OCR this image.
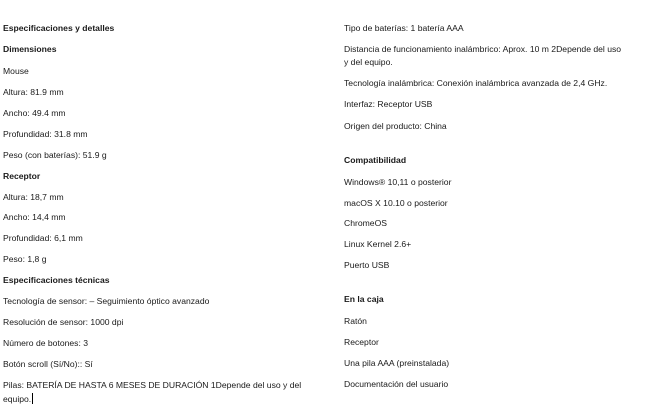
Especificaciones y detalles
Dimensiones
Mouse
Altura: 81.9 mm
Ancho: 49.4 mm
Profundidad: 31.8 mm
Peso (con baterías): 51.9 g
Receptor
Altura: 18,7 mm
Ancho: 14,4 mm
Profundidad: 6,1 mm
Peso: 1,8 g
Especificaciones técnicas
Tecnología de sensor: – Seguimiento óptico avanzado
Resolución de sensor: 1000 dpi
Número de botones: 3
Botón scroll (Sí/No):: Sí
Pilas: BATERÍA DE HASTA 6 MESES DE DURACIÓN 1Depende del uso y del
equipo.
Tipo de baterías: 1 batería AAA
Distancia de funcionamiento inalámbrico: Aprox. 10 m 2Depende del uso
y del equipo.
Tecnología inalámbrica: Conexión inalámbrica avanzada de 2,4 GHz.
Interfaz: Receptor USB
Origen del producto: China
Compatibilidad
Windows® 10,11 o posterior
macOS X 10.10 o posterior
ChromeOS
Linux Kernel 2.6+
Puerto USB
En la caja
Ratón
Receptor
Una pila AAA (preinstalada)
Documentación del usuario
